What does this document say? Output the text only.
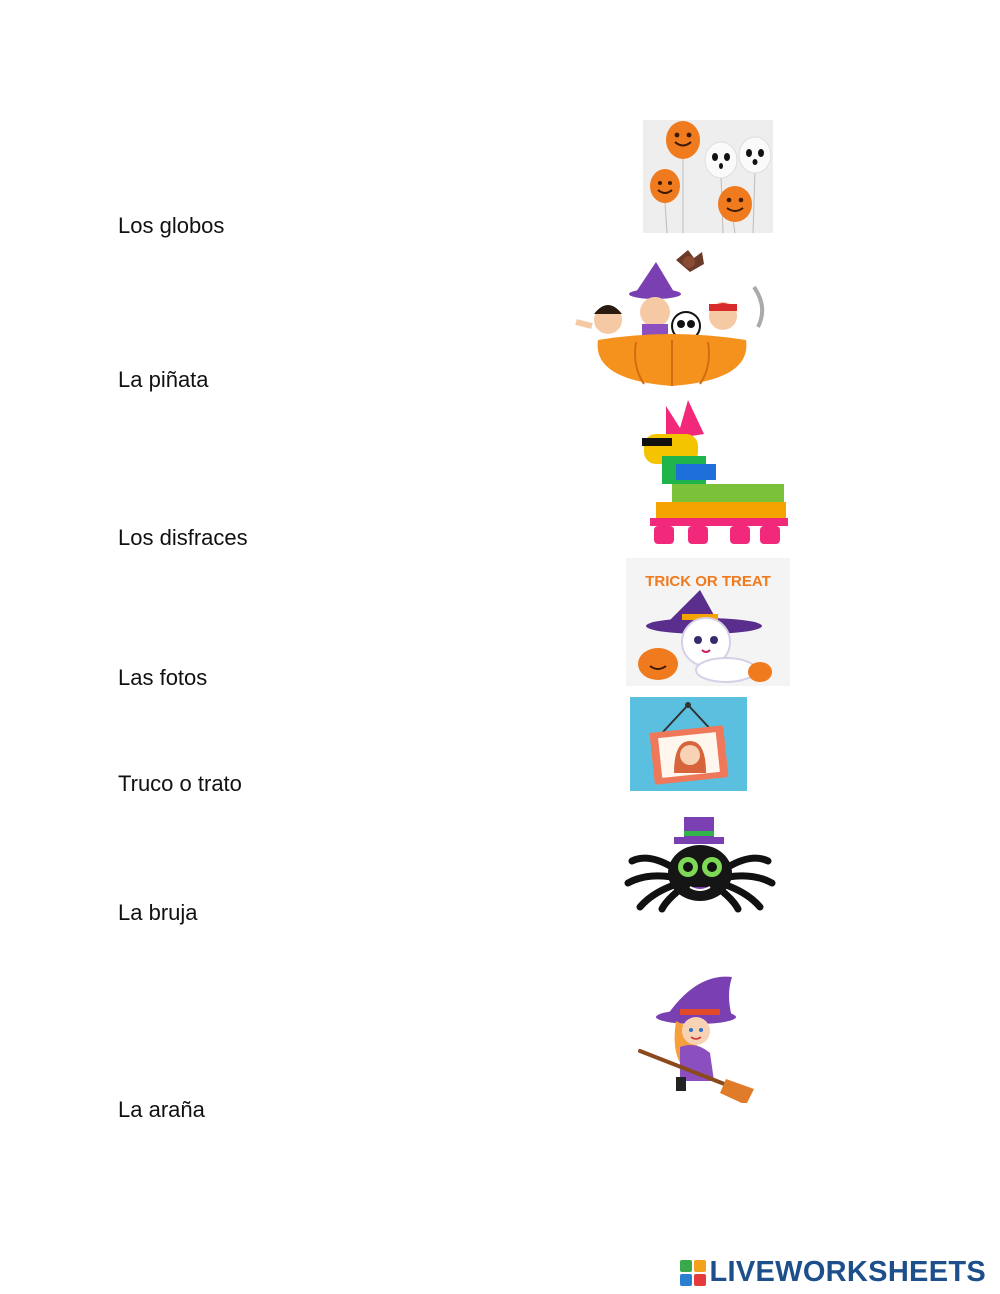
Los globos

La piñata

Los disfraces

Las fotos

Truco o trato

La bruja

La araña

TRICK OR TREAT
LIVEWORKSHEETS
